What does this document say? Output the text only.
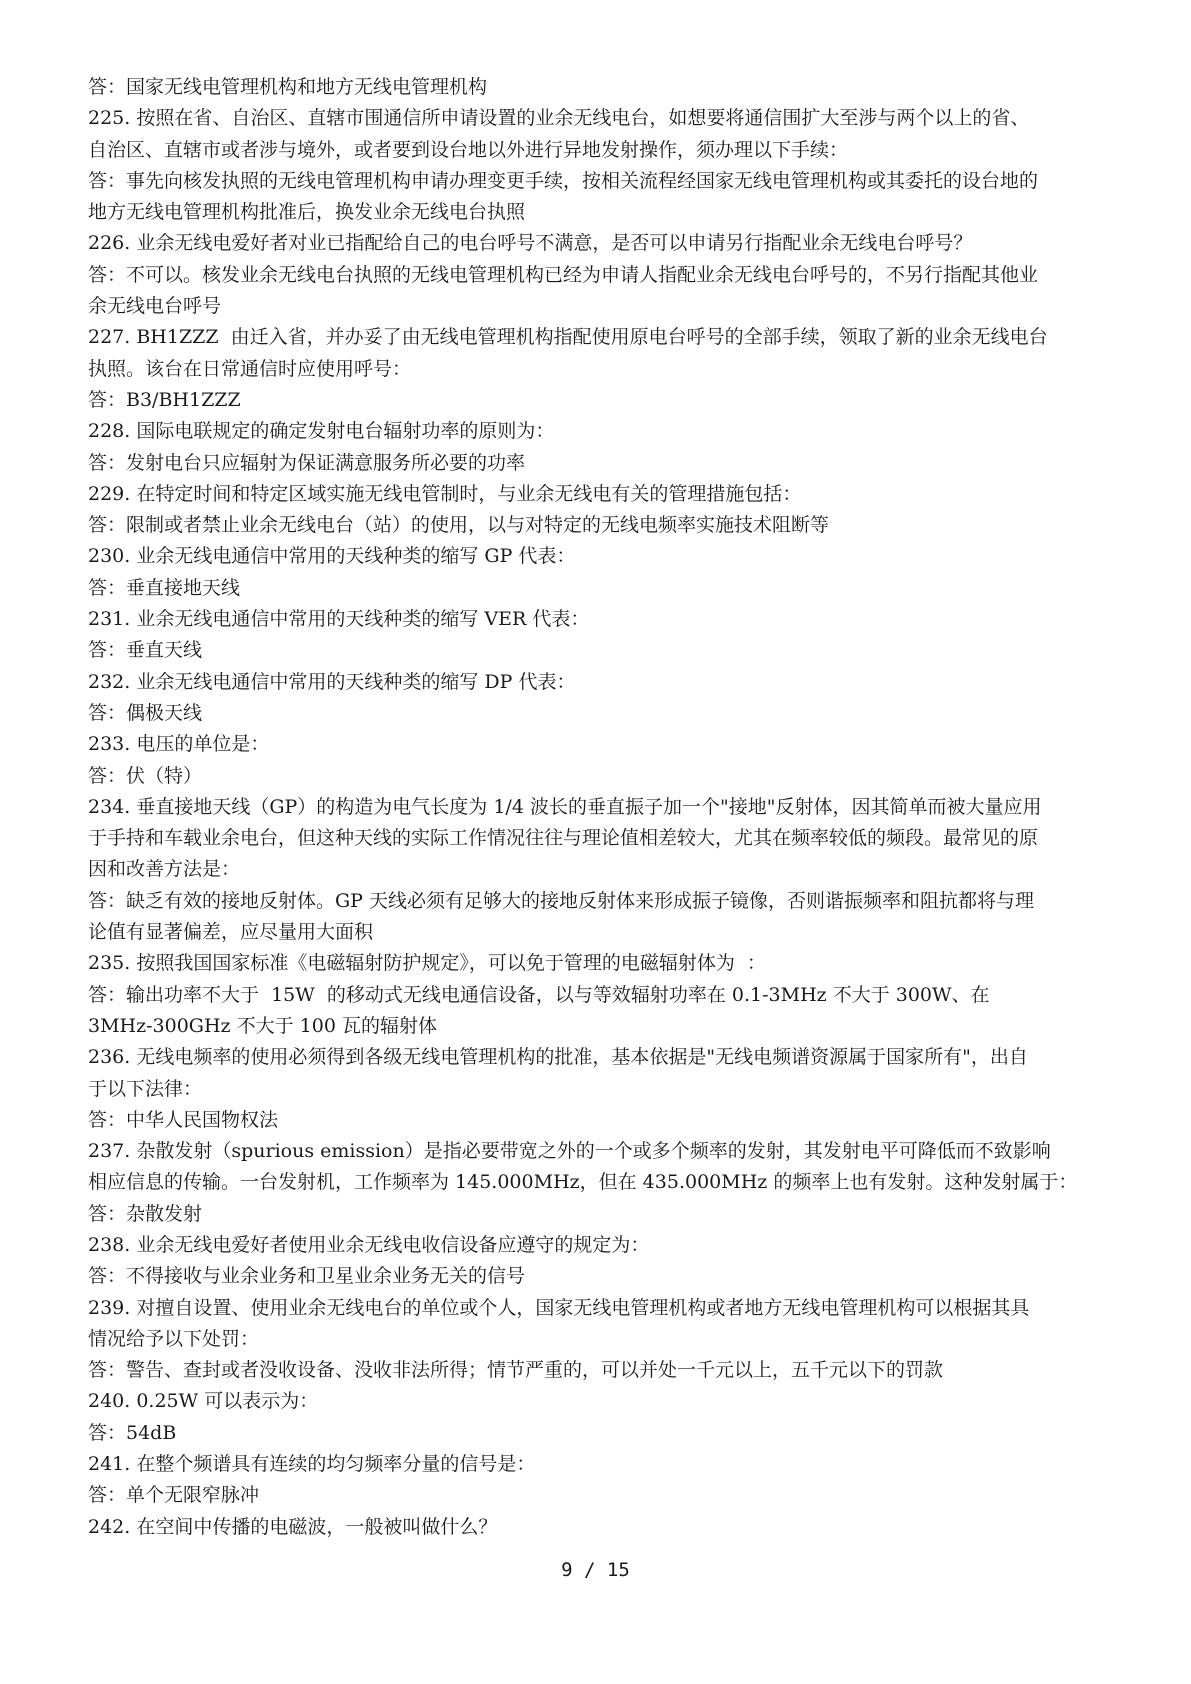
答：国家无线电管理机构和地方无线电管理机构
225. 按照在省、自治区、直辖市围通信所申请设置的业余无线电台，如想要将通信围扩大至涉与两个以上的省、
自治区、直辖市或者涉与境外，或者要到设台地以外进行异地发射操作，须办理以下手续：
答：事先向核发执照的无线电管理机构申请办理变更手续，按相关流程经国家无线电管理机构或其委托的设台地的
地方无线电管理机构批准后，换发业余无线电台执照
226. 业余无线电爱好者对业已指配给自己的电台呼号不满意，是否可以申请另行指配业余无线电台呼号？
答：不可以。核发业余无线电台执照的无线电管理机构已经为申请人指配业余无线电台呼号的，不另行指配其他业
余无线电台呼号
227. BH1ZZZ  由迁入省，并办妥了由无线电管理机构指配使用原电台呼号的全部手续，领取了新的业余无线电台
执照。该台在日常通信时应使用呼号：
答：B3/BH1ZZZ
228. 国际电联规定的确定发射电台辐射功率的原则为：
答：发射电台只应辐射为保证满意服务所必要的功率
229. 在特定时间和特定区域实施无线电管制时，与业余无线电有关的管理措施包括：
答：限制或者禁止业余无线电台（站）的使用，以与对特定的无线电频率实施技术阻断等
230. 业余无线电通信中常用的天线种类的缩写 GP 代表：
答：垂直接地天线
231. 业余无线电通信中常用的天线种类的缩写 VER 代表：
答：垂直天线
232. 业余无线电通信中常用的天线种类的缩写 DP 代表：
答：偶极天线
233. 电压的单位是：
答：伏（特）
234. 垂直接地天线（GP）的构造为电气长度为 1/4 波长的垂直振子加一个"接地"反射体，因其简单而被大量应用
于手持和车载业余电台，但这种天线的实际工作情况往往与理论值相差较大，尤其在频率较低的频段。最常见的原
因和改善方法是：
答：缺乏有效的接地反射体。GP 天线必须有足够大的接地反射体来形成振子镜像，否则谐振频率和阻抗都将与理
论值有显著偏差，应尽量用大面积
235. 按照我国国家标准《电磁辐射防护规定》，可以免于管理的电磁辐射体为  ：
答：输出功率不大于  15W  的移动式无线电通信设备，以与等效辐射功率在 0.1-3MHz 不大于 300W、在
3MHz-300GHz 不大于 100 瓦的辐射体
236. 无线电频率的使用必须得到各级无线电管理机构的批准，基本依据是"无线电频谱资源属于国家所有"，出自
于以下法律：
答：中华人民国物权法
237. 杂散发射（spurious emission）是指必要带宽之外的一个或多个频率的发射，其发射电平可降低而不致影响
相应信息的传输。一台发射机，工作频率为 145.000MHz，但在 435.000MHz 的频率上也有发射。这种发射属于：
答：杂散发射
238. 业余无线电爱好者使用业余无线电收信设备应遵守的规定为：
答：不得接收与业余业务和卫星业余业务无关的信号
239. 对擅自设置、使用业余无线电台的单位或个人，国家无线电管理机构或者地方无线电管理机构可以根据其具
情况给予以下处罚：
答：警告、查封或者没收设备、没收非法所得；情节严重的，可以并处一千元以上，五千元以下的罚款
240. 0.25W 可以表示为：
答：54dB
241. 在整个频谱具有连续的均匀频率分量的信号是：
答：单个无限窄脉冲
242. 在空间中传播的电磁波，一般被叫做什么？
9 / 15
